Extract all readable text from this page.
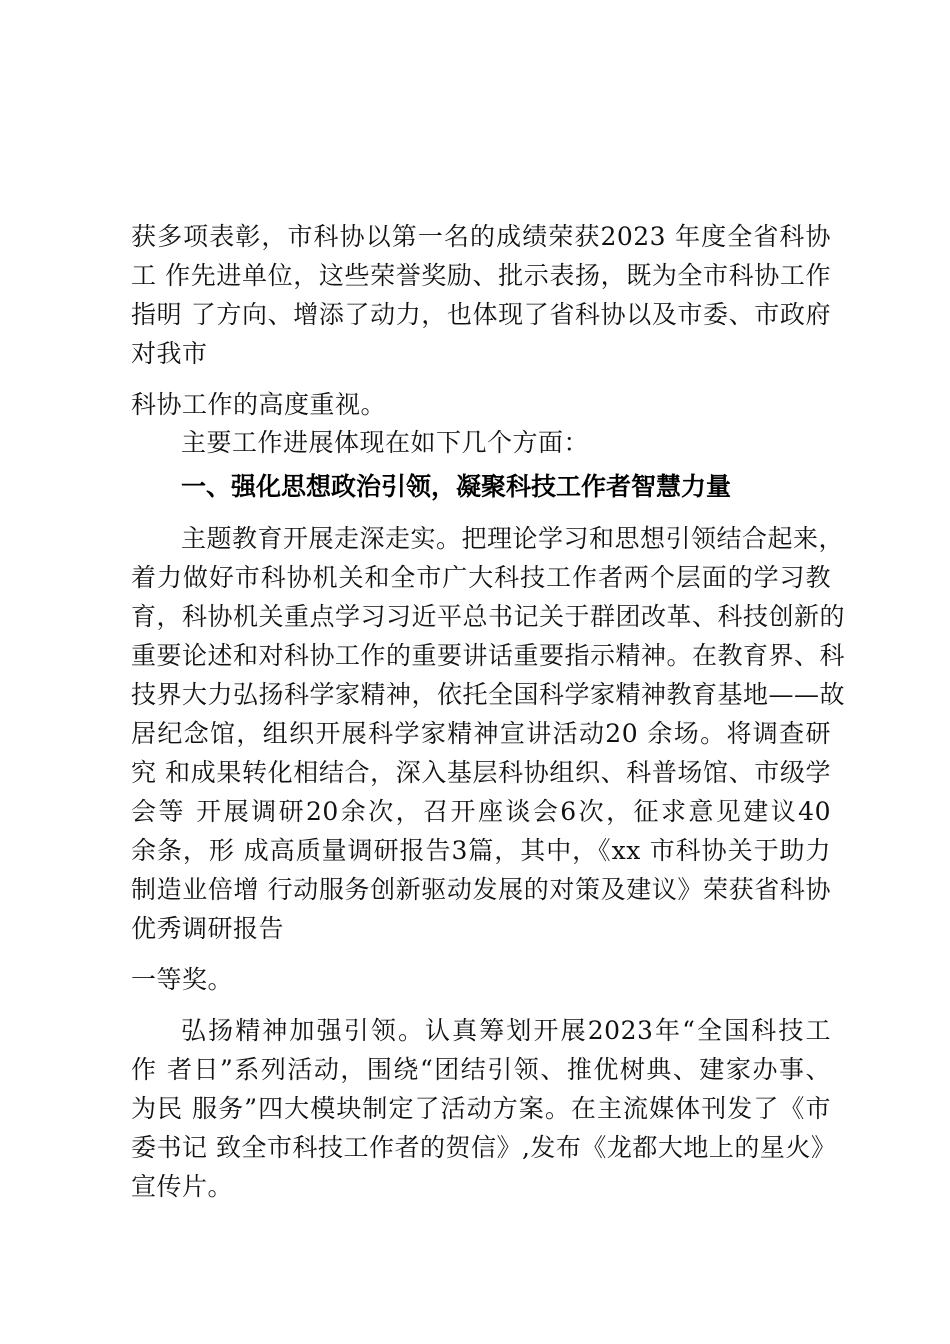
获多项表彰，市科协以第一名的成绩荣获2023 年度全省科协
工 作先进单位，这些荣誉奖励、批示表扬，既为全市科协工作
指明 了方向、增添了动力，也体现了省科协以及市委、市政府
对我市
科协工作的高度重视。
主要工作进展体现在如下几个方面：
一、强化思想政治引领，凝聚科技工作者智慧力量
主题教育开展走深走实。把理论学习和思想引领结合起来，
着力做好市科协机关和全市广大科技工作者两个层面的学习教
育，科协机关重点学习习近平总书记关于群团改革、科技创新的
重要论述和对科协工作的重要讲话重要指示精神。在教育界、科
技界大力弘扬科学家精神，依托全国科学家精神教育基地——故
居纪念馆，组织开展科学家精神宣讲活动20 余场。将调查研
究 和成果转化相结合，深入基层科协组织、科普场馆、市级学
会等 开展调研20余次，召开座谈会6次，征求意见建议40
余条，形 成高质量调研报告3篇，其中，《xx 市科协关于助力
制造业倍增 行动服务创新驱动发展的对策及建议》荣获省科协
优秀调研报告
一等奖。
弘扬精神加强引领。认真筹划开展2023年“全国科技工
作 者日”系列活动，围绕“团结引领、推优树典、建家办事、
为民 服务”四大模块制定了活动方案。在主流媒体刊发了《市
委书记 致全市科技工作者的贺信》,发布《龙都大地上的星火》
宣传片。
